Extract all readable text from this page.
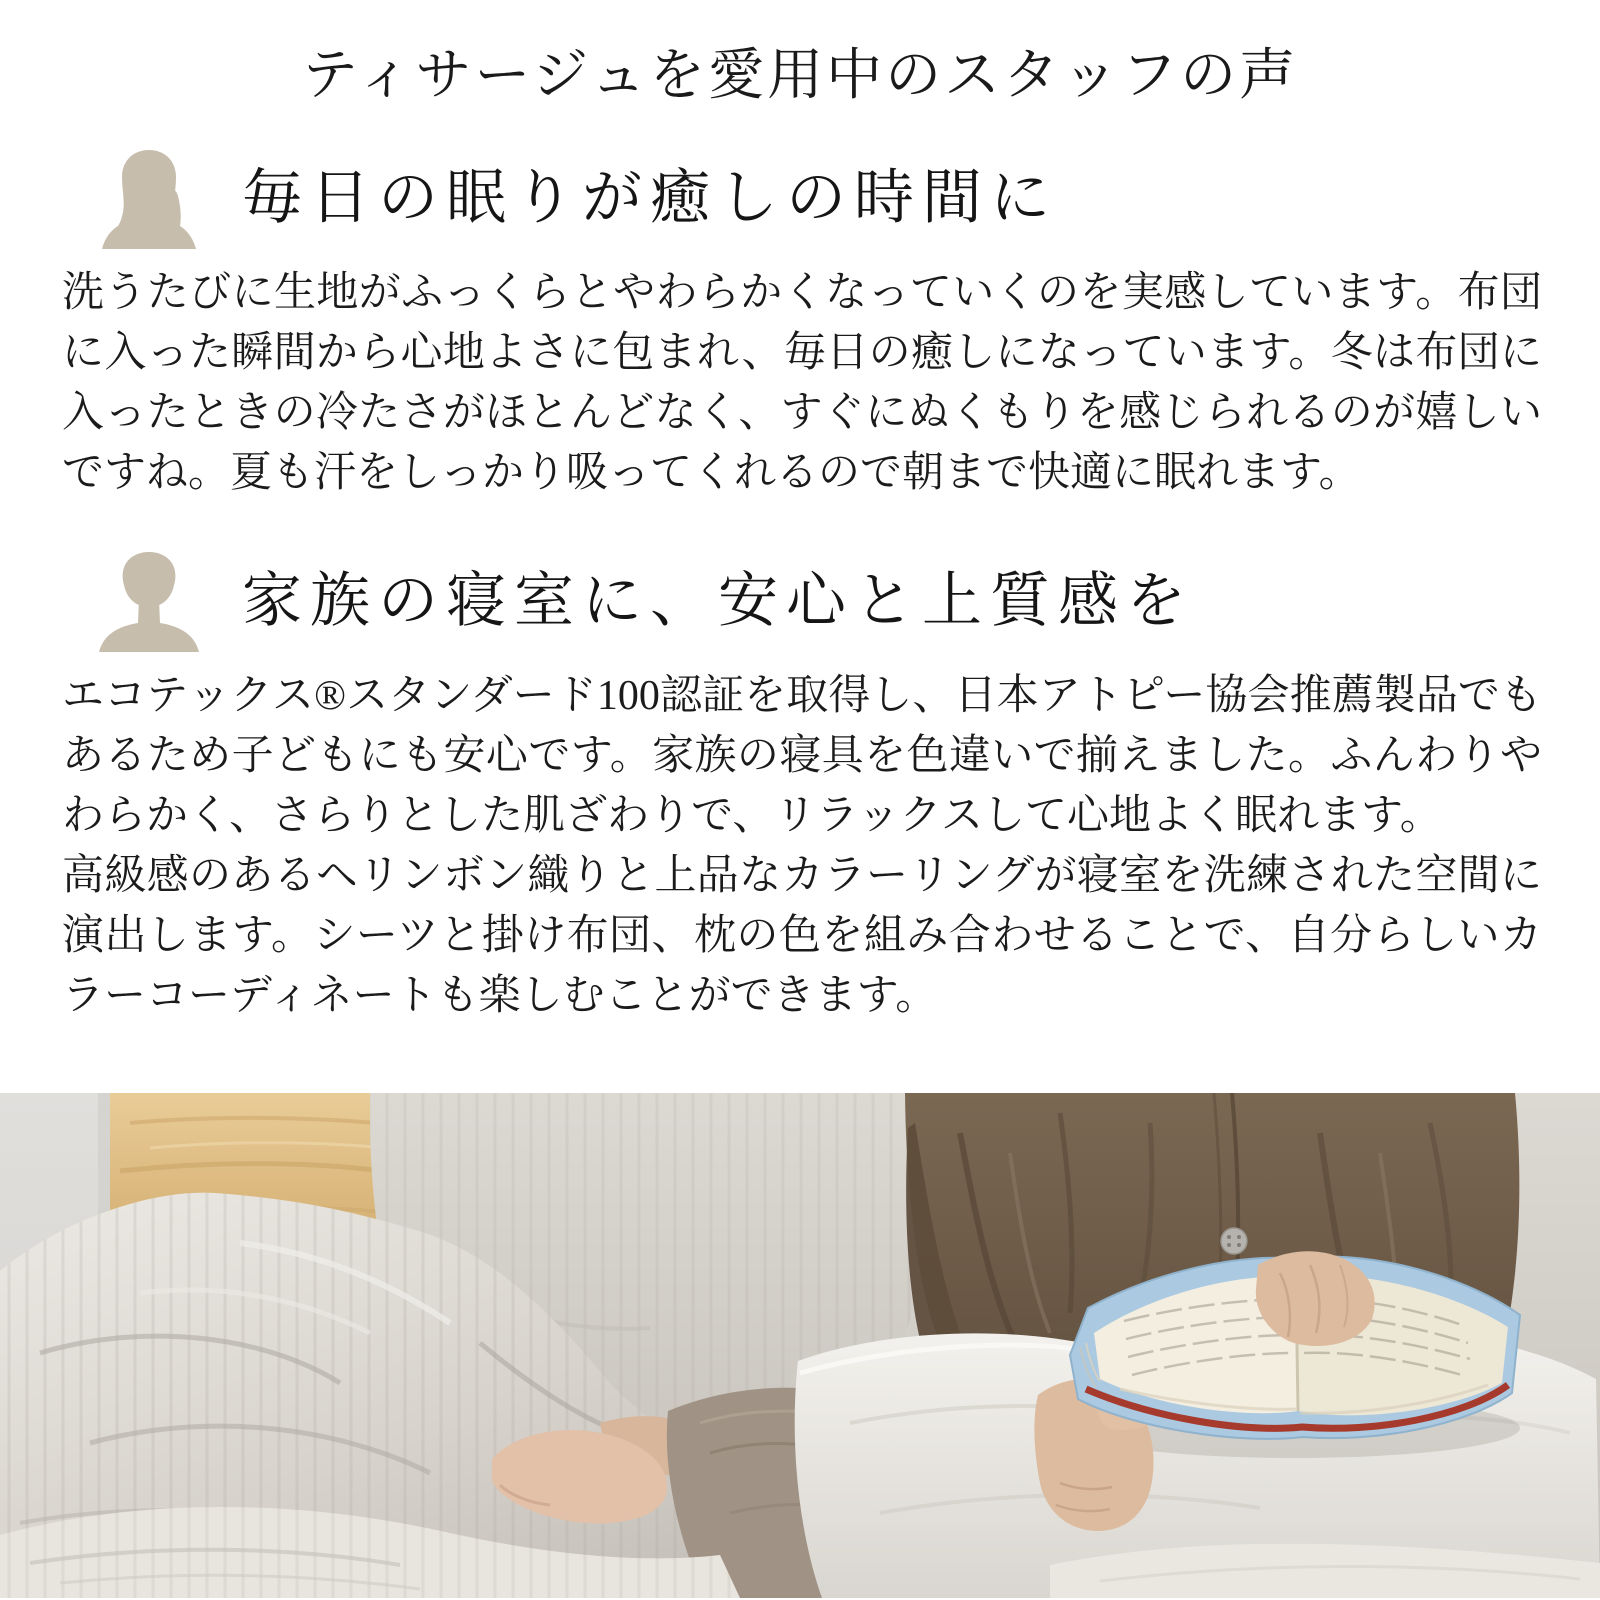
ティサージュを愛用中のスタッフの声
毎日の眠りが癒しの時間に

洗うたびに生地がふっくらとやわらかくなっていくのを実感しています。布団に入った瞬間から心地よさに包まれ、毎日の癒しになっています。冬は布団に入ったときの冷たさがほとんどなく、すぐにぬくもりを感じられるのが嬉しいですね。夏も汗をしっかり吸ってくれるので朝まで快適に眠れます。

家族の寝室に、安心と上質感を

エコテックス®スタンダード100認証を取得し、日本アトピー協会推薦製品でもあるため子どもにも安心です。家族の寝具を色違いで揃えました。ふんわりやわらかく、さらりとした肌ざわりで、リラックスして心地よく眠れます。

高級感のあるヘリンボン織りと上品なカラーリングが寝室を洗練された空間に演出します。シーツと掛け布団、枕の色を組み合わせることで、自分らしいカラーコーディネートも楽しむことができます。
